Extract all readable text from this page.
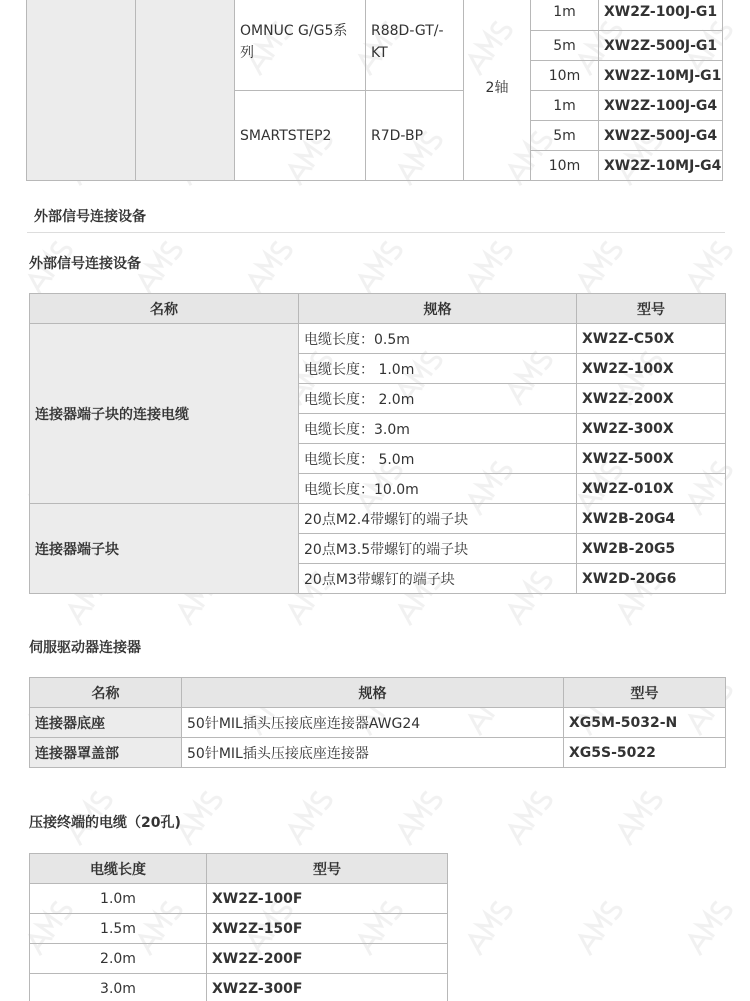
		OMNUC G/G5系列	R88D-GT/-KT	2轴	1m	XW2Z-100J-G1
					5m	XW2Z-500J-G1
					10m	XW2Z-10MJ-G1
		SMARTSTEP2	R7D-BP		1m	XW2Z-100J-G4
					5m	XW2Z-500J-G4
					10m	XW2Z-10MJ-G4
外部信号连接设备
外部信号连接设备
名称	规格	型号
连接器端子块的连接电缆	电缆长度：0.5m	XW2Z-C50X
	电缆长度： 1.0m	XW2Z-100X
	电缆长度： 2.0m	XW2Z-200X
	电缆长度：3.0m	XW2Z-300X
	电缆长度： 5.0m	XW2Z-500X
	电缆长度：10.0m	XW2Z-010X
连接器端子块	20点M2.4带螺钉的端子块	XW2B-20G4
	20点M3.5带螺钉的端子块	XW2B-20G5
	20点M3带螺钉的端子块	XW2D-20G6
伺服驱动器连接器
名称	规格	型号
连接器底座	50针MIL插头压接底座连接器AWG24	XG5M-5032-N
连接器罩盖部	50针MIL插头压接底座连接器	XG5S-5022
压接终端的电缆（20孔)
电缆长度	型号
1.0m	XW2Z-100F
1.5m	XW2Z-150F
2.0m	XW2Z-200F
3.0m	XW2Z-300F
